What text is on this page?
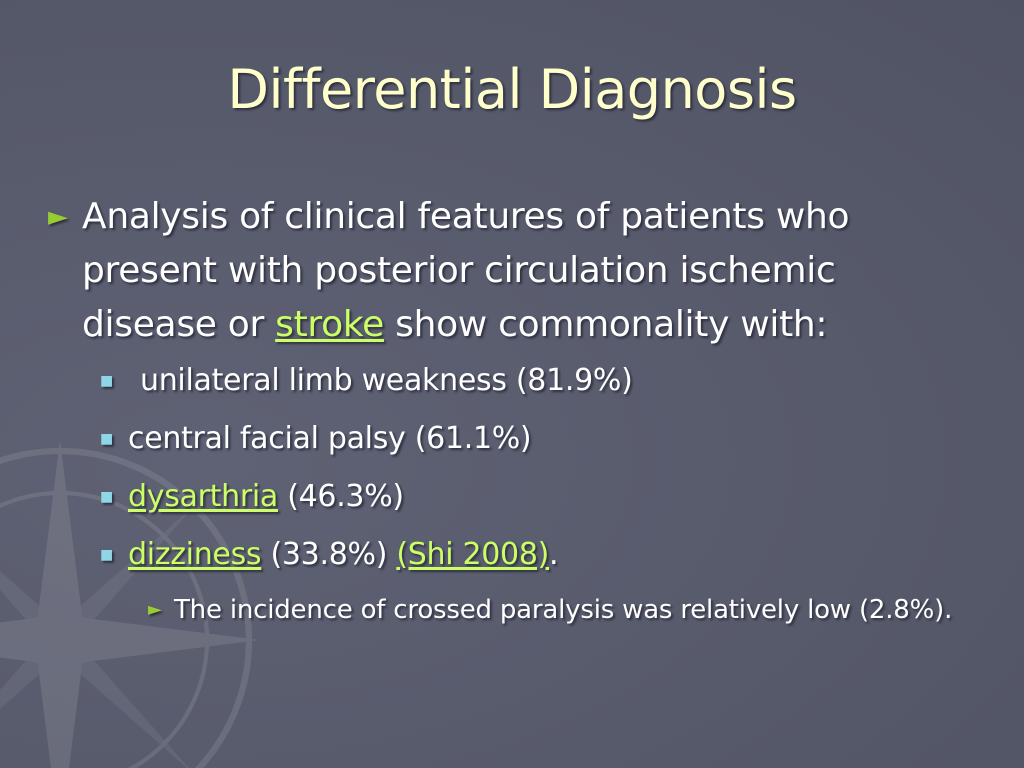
Differential Diagnosis
► Analysis of clinical features of patients who present with posterior circulation ischemic disease or stroke show commonality with:
■ unilateral limb weakness (81.9%)
■ central facial palsy (61.1%)
■ dysarthria (46.3%)
■ dizziness (33.8%) (Shi 2008).
► The incidence of crossed paralysis was relatively low (2.8%).
